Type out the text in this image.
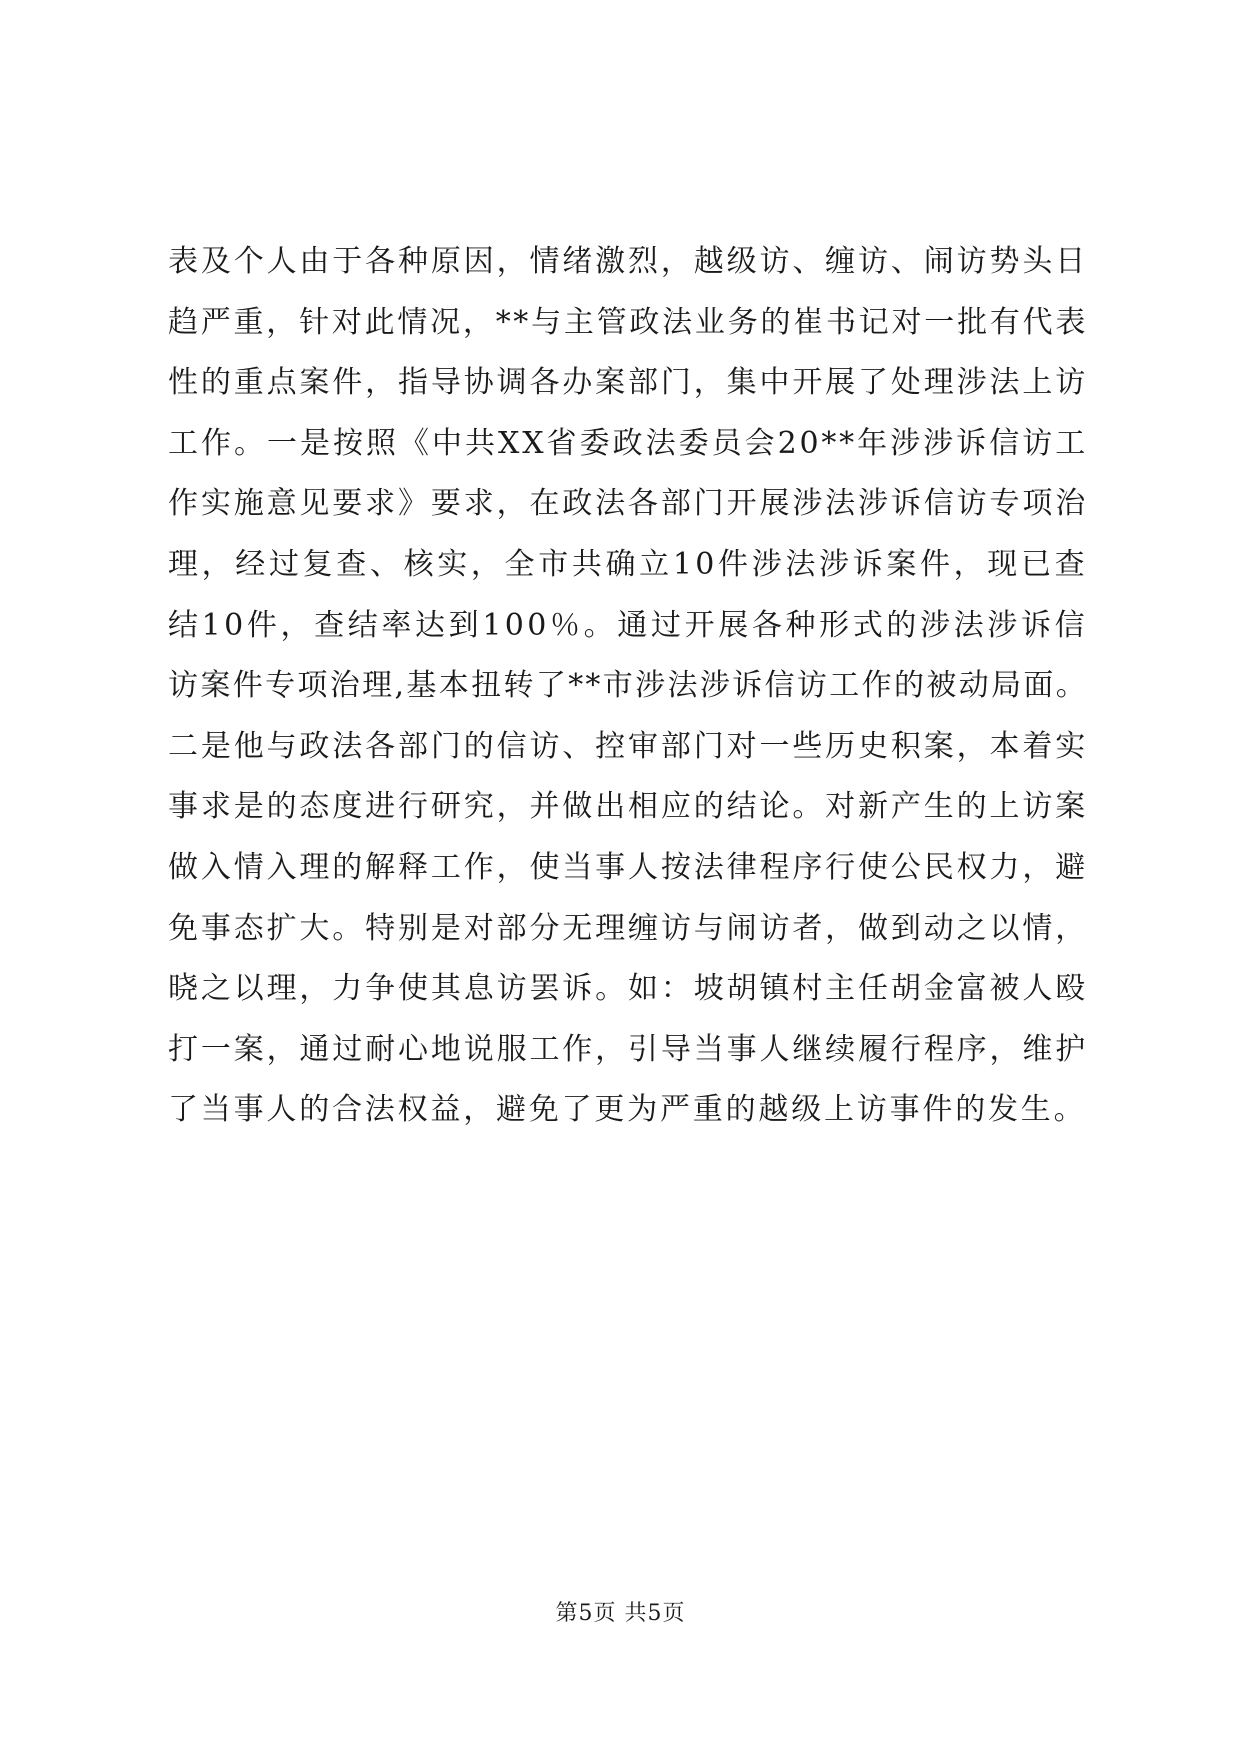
表及个人由于各种原因，情绪激烈，越级访、缠访、闹访势头日
趋严重，针对此情况，**与主管政法业务的崔书记对一批有代表
性的重点案件，指导协调各办案部门，集中开展了处理涉法上访
工作。一是按照《中共XX省委政法委员会20**年涉涉诉信访工
作实施意见要求》要求，在政法各部门开展涉法涉诉信访专项治
理，经过复查、核实，全市共确立10件涉法涉诉案件，现已查
结10件，查结率达到100％。通过开展各种形式的涉法涉诉信
访案件专项治理,基本扭转了**市涉法涉诉信访工作的被动局面。
二是他与政法各部门的信访、控审部门对一些历史积案，本着实
事求是的态度进行研究，并做出相应的结论。对新产生的上访案
做入情入理的解释工作，使当事人按法律程序行使公民权力，避
免事态扩大。特别是对部分无理缠访与闹访者，做到动之以情，
晓之以理，力争使其息访罢诉。如：坡胡镇村主任胡金富被人殴
打一案，通过耐心地说服工作，引导当事人继续履行程序，维护
了当事人的合法权益，避免了更为严重的越级上访事件的发生。
第5页 共5页
